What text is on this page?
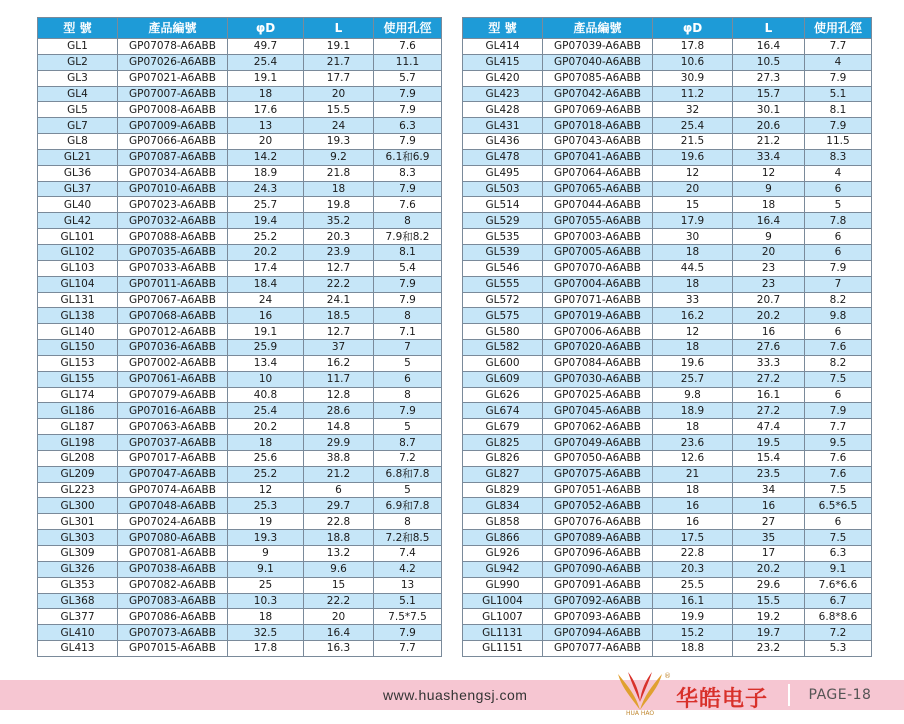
型 號	產品編號	φD	L	使用孔徑
GL1	GP07078-A6ABB	49.7	19.1	7.6
GL2	GP07026-A6ABB	25.4	21.7	11.1
GL3	GP07021-A6ABB	19.1	17.7	5.7
GL4	GP07007-A6ABB	18	20	7.9
GL5	GP07008-A6ABB	17.6	15.5	7.9
GL7	GP07009-A6ABB	13	24	6.3
GL8	GP07066-A6ABB	20	19.3	7.9
GL21	GP07087-A6ABB	14.2	9.2	6.1和6.9
GL36	GP07034-A6ABB	18.9	21.8	8.3
GL37	GP07010-A6ABB	24.3	18	7.9
GL40	GP07023-A6ABB	25.7	19.8	7.6
GL42	GP07032-A6ABB	19.4	35.2	8
GL101	GP07088-A6ABB	25.2	20.3	7.9和8.2
GL102	GP07035-A6ABB	20.2	23.9	8.1
GL103	GP07033-A6ABB	17.4	12.7	5.4
GL104	GP07011-A6ABB	18.4	22.2	7.9
GL131	GP07067-A6ABB	24	24.1	7.9
GL138	GP07068-A6ABB	16	18.5	8
GL140	GP07012-A6ABB	19.1	12.7	7.1
GL150	GP07036-A6ABB	25.9	37	7
GL153	GP07002-A6ABB	13.4	16.2	5
GL155	GP07061-A6ABB	10	11.7	6
GL174	GP07079-A6ABB	40.8	12.8	8
GL186	GP07016-A6ABB	25.4	28.6	7.9
GL187	GP07063-A6ABB	20.2	14.8	5
GL198	GP07037-A6ABB	18	29.9	8.7
GL208	GP07017-A6ABB	25.6	38.8	7.2
GL209	GP07047-A6ABB	25.2	21.2	6.8和7.8
GL223	GP07074-A6ABB	12	6	5
GL300	GP07048-A6ABB	25.3	29.7	6.9和7.8
GL301	GP07024-A6ABB	19	22.8	8
GL303	GP07080-A6ABB	19.3	18.8	7.2和8.5
GL309	GP07081-A6ABB	9	13.2	7.4
GL326	GP07038-A6ABB	9.1	9.6	4.2
GL353	GP07082-A6ABB	25	15	13
GL368	GP07083-A6ABB	10.3	22.2	5.1
GL377	GP07086-A6ABB	18	20	7.5*7.5
GL410	GP07073-A6ABB	32.5	16.4	7.9
GL413	GP07015-A6ABB	17.8	16.3	7.7
型 號	產品編號	φD	L	使用孔徑
GL414	GP07039-A6ABB	17.8	16.4	7.7
GL415	GP07040-A6ABB	10.6	10.5	4
GL420	GP07085-A6ABB	30.9	27.3	7.9
GL423	GP07042-A6ABB	11.2	15.7	5.1
GL428	GP07069-A6ABB	32	30.1	8.1
GL431	GP07018-A6ABB	25.4	20.6	7.9
GL436	GP07043-A6ABB	21.5	21.2	11.5
GL478	GP07041-A6ABB	19.6	33.4	8.3
GL495	GP07064-A6ABB	12	12	4
GL503	GP07065-A6ABB	20	9	6
GL514	GP07044-A6ABB	15	18	5
GL529	GP07055-A6ABB	17.9	16.4	7.8
GL535	GP07003-A6ABB	30	9	6
GL539	GP07005-A6ABB	18	20	6
GL546	GP07070-A6ABB	44.5	23	7.9
GL555	GP07004-A6ABB	18	23	7
GL572	GP07071-A6ABB	33	20.7	8.2
GL575	GP07019-A6ABB	16.2	20.2	9.8
GL580	GP07006-A6ABB	12	16	6
GL582	GP07020-A6ABB	18	27.6	7.6
GL600	GP07084-A6ABB	19.6	33.3	8.2
GL609	GP07030-A6ABB	25.7	27.2	7.5
GL626	GP07025-A6ABB	9.8	16.1	6
GL674	GP07045-A6ABB	18.9	27.2	7.9
GL679	GP07062-A6ABB	18	47.4	7.7
GL825	GP07049-A6ABB	23.6	19.5	9.5
GL826	GP07050-A6ABB	12.6	15.4	7.6
GL827	GP07075-A6ABB	21	23.5	7.6
GL829	GP07051-A6ABB	18	34	7.5
GL834	GP07052-A6ABB	16	16	6.5*6.5
GL858	GP07076-A6ABB	16	27	6
GL866	GP07089-A6ABB	17.5	35	7.5
GL926	GP07096-A6ABB	22.8	17	6.3
GL942	GP07090-A6ABB	20.3	20.2	9.1
GL990	GP07091-A6ABB	25.5	29.6	7.6*6.6
GL1004	GP07092-A6ABB	16.1	15.5	6.7
GL1007	GP07093-A6ABB	19.9	19.2	6.8*8.6
GL1131	GP07094-A6ABB	15.2	19.7	7.2
GL1151	GP07077-A6ABB	18.8	23.2	5.3
www.huashengsj.com
®
HUA HAO
华皓电子	PAGE-18
